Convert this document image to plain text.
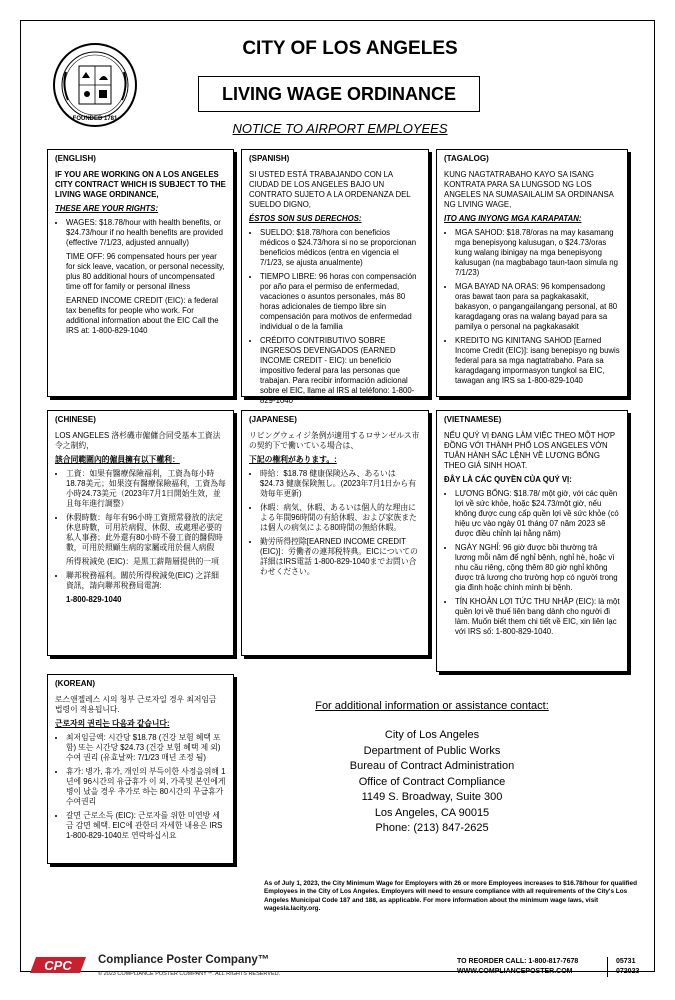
FOUNDED 1781
CITY OF LOS ANGELES
LIVING WAGE ORDINANCE
NOTICE TO AIRPORT EMPLOYEES
(ENGLISH)
IF YOU ARE WORKING ON A LOS ANGELES CITY CONTRACT WHICH IS SUBJECT TO THE LIVING WAGE ORDINANCE,
THESE ARE YOUR RIGHTS:
• WAGES: $18.78/hour with health benefits, or $24.73/hour if no health benefits are provided (effective 7/1/23, adjusted annually)
TIME OFF: 96 compensated hours per year for sick leave, vacation, or personal necessity, plus 80 additional hours of uncompensated time off for family or personal illness
EARNED INCOME CREDIT (EIC): a federal tax benefits for people who work. For additional information about the EIC Call the IRS at: 1-800-829-1040
(SPANISH)
SI USTED ESTÁ TRABAJANDO CON LA CIUDAD DE LOS ANGELES BAJO UN CONTRATO SUJETO A LA ORDENANZA DEL SUELDO DIGNO,
ÉSTOS SON SUS DERECHOS:
• SUELDO: $18.78/hora con beneficios médicos o $24.73/hora si no se proporcionan beneficios médicos (entra en vigencia el 7/1/23, se ajusta anualmente)
• TIEMPO LIBRE: 96 horas con compensación por año para el permiso de enfermedad, vacaciones o asuntos personales, más 80 horas adicionales de tiempo libre sin compensación para motivos de enfermedad individual o de la familia
• CRÉDITO CONTRIBUTIVO SOBRE INGRESOS DEVENGADOS (EARNED INCOME CREDIT - EIC): un beneficio impositivo federal para las personas que trabajan. Para recibir información adicional sobre el EIC, llame al IRS al teléfono: 1-800-829-1040
(TAGALOG)
KUNG NAGTATRABAHO KAYO SA ISANG KONTRATA PARA SA LUNGSOD NG LOS ANGELES NA SUMASAILALIM SA ORDINANSA NG LIVING WAGE,
ITO ANG INYONG MGA KARAPATAN:
• MGA SAHOD: $18.78/oras na may kasamang mga benepisyong kalusugan, o $24.73/oras kung walang ibinigay na mga benepisyong kalusugan (na magbabago taun-taon simula ng 7/1/23)
• MGA BAYAD NA ORAS: 96 kompensadong oras bawat taon para sa pagkakasakit, bakasyon, o pangangailangang personal, at 80 karagdagang oras na walang bayad para sa pamilya o personal na pagkakasakit
• KREDITO NG KINITANG SAHOD [Earned Income Credit (EIC)]: isang benepisyo ng buwis federal para sa mga nagtatrabaho. Para sa karagdagang impormasyon tungkol sa EIC, tawagan ang IRS sa 1-800-829-1040
(CHINESE)
LOS ANGELES 洛杉磯市僱傭合同受基本工資法令之制約，
該合同範圍內的僱員擁有以下權利：
• 工資：如果有醫療保險福利，工資為每小時
18.78美元；如果沒有醫療保險福利，工資為每小時24.73美元（2023年7月1日開始生效，並且每年進行調整）
• 休假時數：每年有96小時工資照常發放的法定休息時數，可用於病假、休假、或處理必要的私人事務；此外還有80小時不發工資的醫假時數，可用於照顧生病的家屬或用於個人病假
所得稅減免 (EIC)：是黑工薪階層提供的一項
• 聯邦稅務福利。關於所得稅減免(EIC) 之詳細資訊，請向聯邦稅務局電詢:
1-800-829-1040
(JAPANESE)
リビングウェイジ条例が適用するロサンゼルス市の契約下で働いている場合は、
下記の権利があります。:
• 時給：$18.78 健康保険込み、あるいは $24.73 健康保険無し。(2023年7月1日から有効毎年更新)
• 休暇：病気、休暇、あるいは個人的な理由による年間96時間の有給休暇、および家族または個人の病気による80時間の無給休暇。
• 勤労所得控除[EARNED INCOME CREDIT (EIC)]：労働者の連邦税特典。EICについての詳細はIRS電話 1-800-829-1040までお問い合わせください。
(VIETNAMESE)
NẾU QUÝ VỊ ĐANG LÀM VIỆC THEO MỘT HỢP ĐỒNG VỚI THÀNH PHỐ LOS ANGELES VỚN TUÂN HÀNH SẮC LỆNH VỀ LƯƠNG BỔNG THEO GIÁ SINH HOẠT.
ĐÂY LÀ CÁC QUYỀN CỦA QUÝ VỊ:
• LƯƠNG BỔNG: $18.78/ một giờ, với các quền lợi về sức khỏe, hoặc $24.73/một giờ, nếu không được cung cấp quền lợi về sức khỏe (có hiệu ực vào ngày 01 tháng 07 năm 2023 sẽ được điều chỉnh lại hằng năm)
• NGÀY NGHỈ: 96 giờ được bồi thường trả lương mỗi năm để nghỉ bệnh, nghỉ hè, hoặc vì nhu cầu riêng, cộng thêm 80 giờ nghỉ không được trả lương cho trường hợp có người trong gia đình hoặc chính mình bị bệnh.
• TÍN KHOẢN LỢI TỨC THU NHẬP (EIC): là một quền lợi về thuế liên bang dành cho người đi làm. Muốn biết them chi tiết về EIC, xin liên lạc với IRS số: 1-800-829-1040.
(KOREAN)
로스앤젤레스 시의 청부 근로자일 경우 최저임금 법령이 적용됩니다.
근로자의 권리는 다음과 같습니다:
• 최저임금액: 시간당 $18.78 (건강 보험 혜택 포함) 또는 시간당 $24.73 (건강 보험 혜택 제 외) 수여 권리 (유효날짜: 7/1/23 매년 조정 됨)
• 휴가: 병가, 휴가, 개인의 부득이한 사정을위해 1년에 96시간의 유급휴가 이 외, 가족및 본인에게 병이 났을 경우 추가로 하는 80시간의 무급휴가 수여권리
• 갈면 근로소득 (EIC): 근로자를 위한 미연방 세금 감면 혜택. EIC에 관한더 자세한 내용은 IRS 1-800-829-1040로 연락하십시요
For additional information or assistance contact:
City of Los Angeles
Department of Public Works
Bureau of Contract Administration
Office of Contract Compliance
1149 S. Broadway, Suite 300
Los Angeles, CA 90015
Phone: (213) 847-2625
As of July 1, 2023, the City Minimum Wage for Employers with 26 or more Employees increases to $16.78/hour for qualified Employees in the City of Los Angeles. Employers will need to ensure compliance with all requirements of the City's Los Angeles Municipal Code 187 and 188, as applicable. For more information about the minimum wage laws, visit wagesla.lacity.org.
CPC Compliance Poster Company™
© 2023 COMPLIANCE POSTER COMPANY™. ALL RIGHTS RESERVED.
TO REORDER CALL: 1-800-817-7678
WWW.COMPLIANCEPOSTER.COM
05731
072023
